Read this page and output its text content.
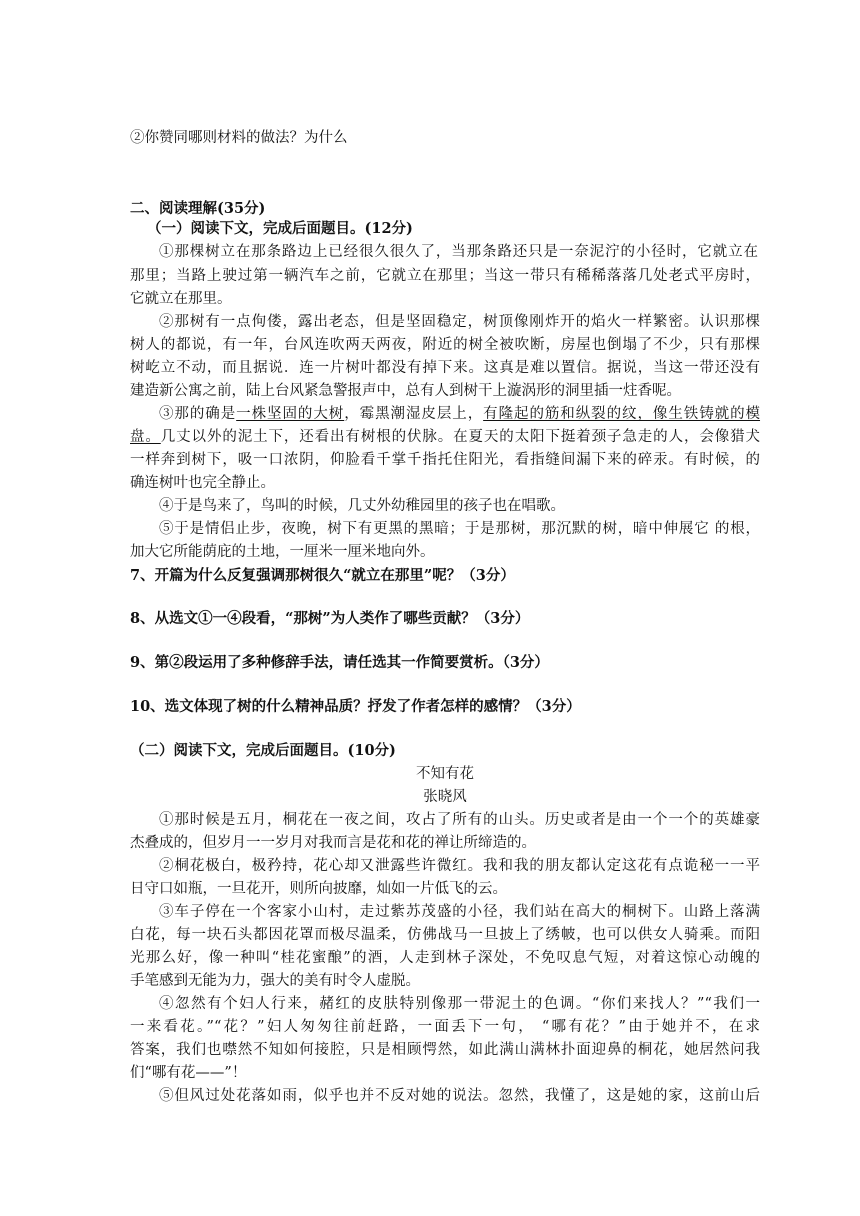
②你赞同哪则材料的做法？为什么
二、阅读理解(35分)
（一）阅读下文，完成后面题目。(12分)
①那棵树立在那条路边上已经很久很久了，当那条路还只是一奈泥泞的小径时，它就立在
那里；当路上驶过第一辆汽车之前，它就立在那里；当这一带只有稀稀落落几处老式平房时，
它就立在那里。
②那树有一点佝偻，露出老态，但是坚固稳定，树顶像刚炸开的焰火一样繁密。认识那棵
树人的都说，有一年，台风连吹两天两夜，附近的树全被吹断，房屋也倒塌了不少，只有那棵
树屹立不动，而且据说．连一片树叶都没有掉下来。这真是难以置信。据说，当这一带还没有
建造新公寓之前，陆上台风紧急警报声中，总有人到树干上漩涡形的洞里插一炷香呢。
③那的确是一株坚固的大树，霉黑潮湿皮层上，有隆起的筋和纵裂的纹，像生铁铸就的模
盘。几丈以外的泥土下，还看出有树根的伏脉。在夏天的太阳下挺着颈子急走的人，会像猎犬
一样奔到树下，吸一口浓阴，仰脸看千掌千指托住阳光，看指缝间漏下来的碎汞。有时候，的
确连树叶也完全静止。
④于是鸟来了，鸟叫的时候，几丈外幼稚园里的孩子也在唱歌。
⑤于是情侣止步，夜晚，树下有更黑的黑暗；于是那树，那沉默的树，暗中伸展它 的根，
加大它所能荫庇的土地，一厘米一厘米地向外。
7、开篇为什么反复强调那树很久“就立在那里”呢？（3分）
8、从选文①一④段看，“那树”为人类作了哪些贡献？（3分）
9、第②段运用了多种修辞手法，请任选其一作简要赏析。（3分）
10、选文体现了树的什么精神品质？抒发了作者怎样的感情？（3分）
（二）阅读下文，完成后面题目。(10分)
不知有花
张晓风
①那时候是五月，桐花在一夜之间，攻占了所有的山头。历史或者是由一个一个的英雄豪
杰叠成的，但岁月一一岁月对我而言是花和花的禅让所缔造的。
②桐花极白，极矜持，花心却又泄露些许微红。我和我的朋友都认定这花有点诡秘一一平
日守口如瓶，一旦花开，则所向披靡，灿如一片低飞的云。
③车子停在一个客家小山村，走过紫苏茂盛的小径，我们站在高大的桐树下。山路上落满
白花，每一块石头都因花罩而极尽温柔，仿佛战马一旦披上了绣帔，也可以供女人骑乘。而阳
光那么好，像一种叫“桂花蜜酿”的酒，人走到林子深处，不免叹息气短，对着这惊心动魄的
手笔感到无能为力，强大的美有时令人虚脱。
④忽然有个妇人行来，赭红的皮肤特别像那一带泥土的色调。“你们来找人？”“我们一
一来看花。”“花？”妇人匆匆往前赶路，一面丢下一句， “哪有花？”由于她并不，在求
答案，我们也噤然不知如何接腔，只是相顾愕然，如此满山满林扑面迎鼻的桐花，她居然问我
们“哪有花——”！
⑤但风过处花落如雨，似乎也并不反对她的说法。忽然，我懂了，这是她的家，这前山后
